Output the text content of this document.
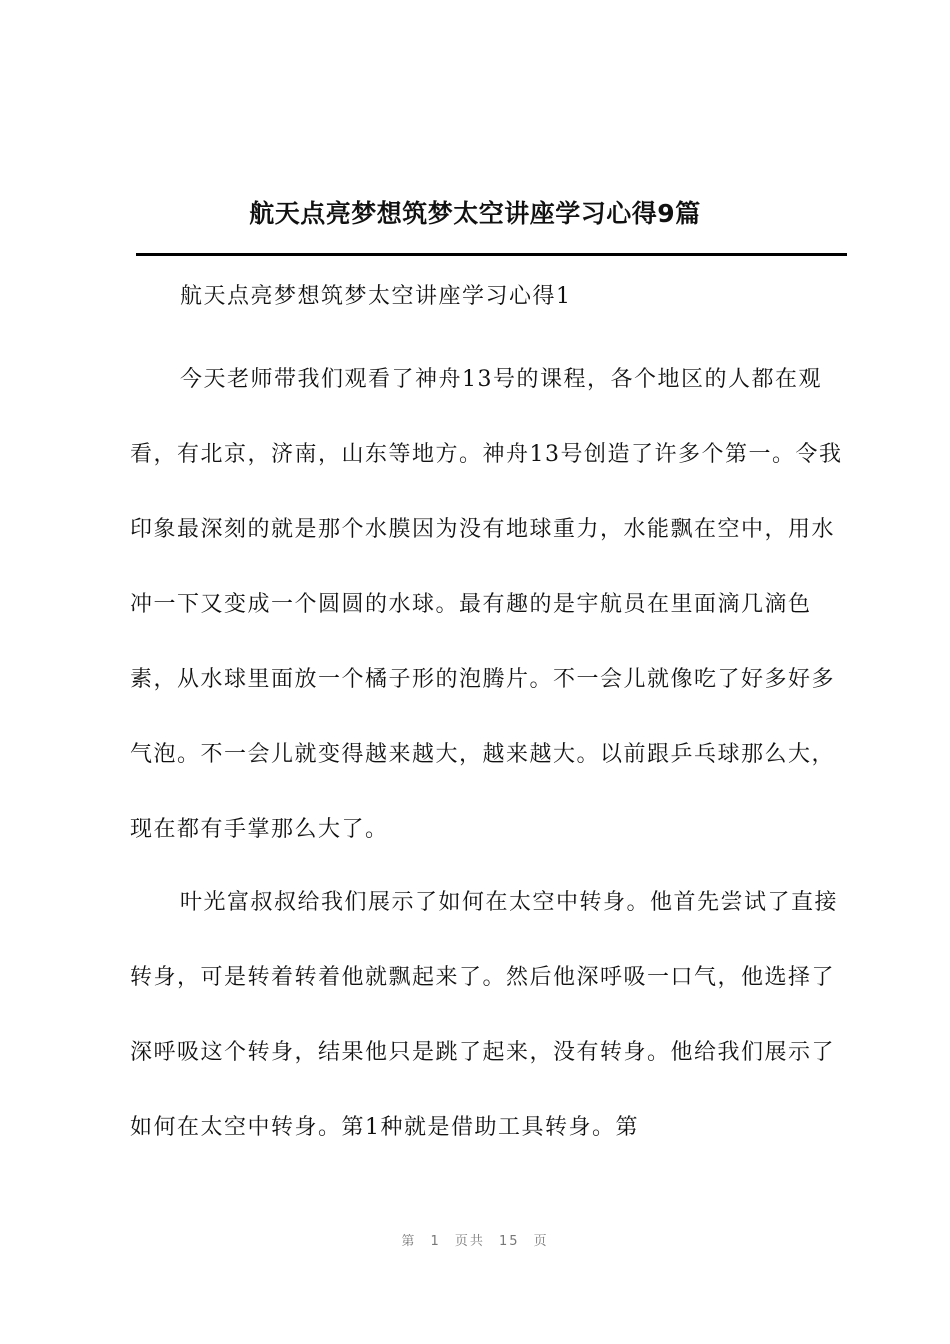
航天点亮梦想筑梦太空讲座学习心得9篇

航天点亮梦想筑梦太空讲座学习心得1

今天老师带我们观看了神舟13号的课程，各个地区的人都在观看，有北京，济南，山东等地方。神舟13号创造了许多个第一。令我印象最深刻的就是那个水膜因为没有地球重力，水能飘在空中，用水冲一下又变成一个圆圆的水球。最有趣的是宇航员在里面滴几滴色素，从水球里面放一个橘子形的泡腾片。不一会儿就像吃了好多好多气泡。不一会儿就变得越来越大，越来越大。以前跟乒乓球那么大，现在都有手掌那么大了。

叶光富叔叔给我们展示了如何在太空中转身。他首先尝试了直接转身，可是转着转着他就飘起来了。然后他深呼吸一口气，他选择了深呼吸这个转身，结果他只是跳了起来，没有转身。他给我们展示了如何在太空中转身。第1种就是借助工具转身。第

第 1 页共 15 页
